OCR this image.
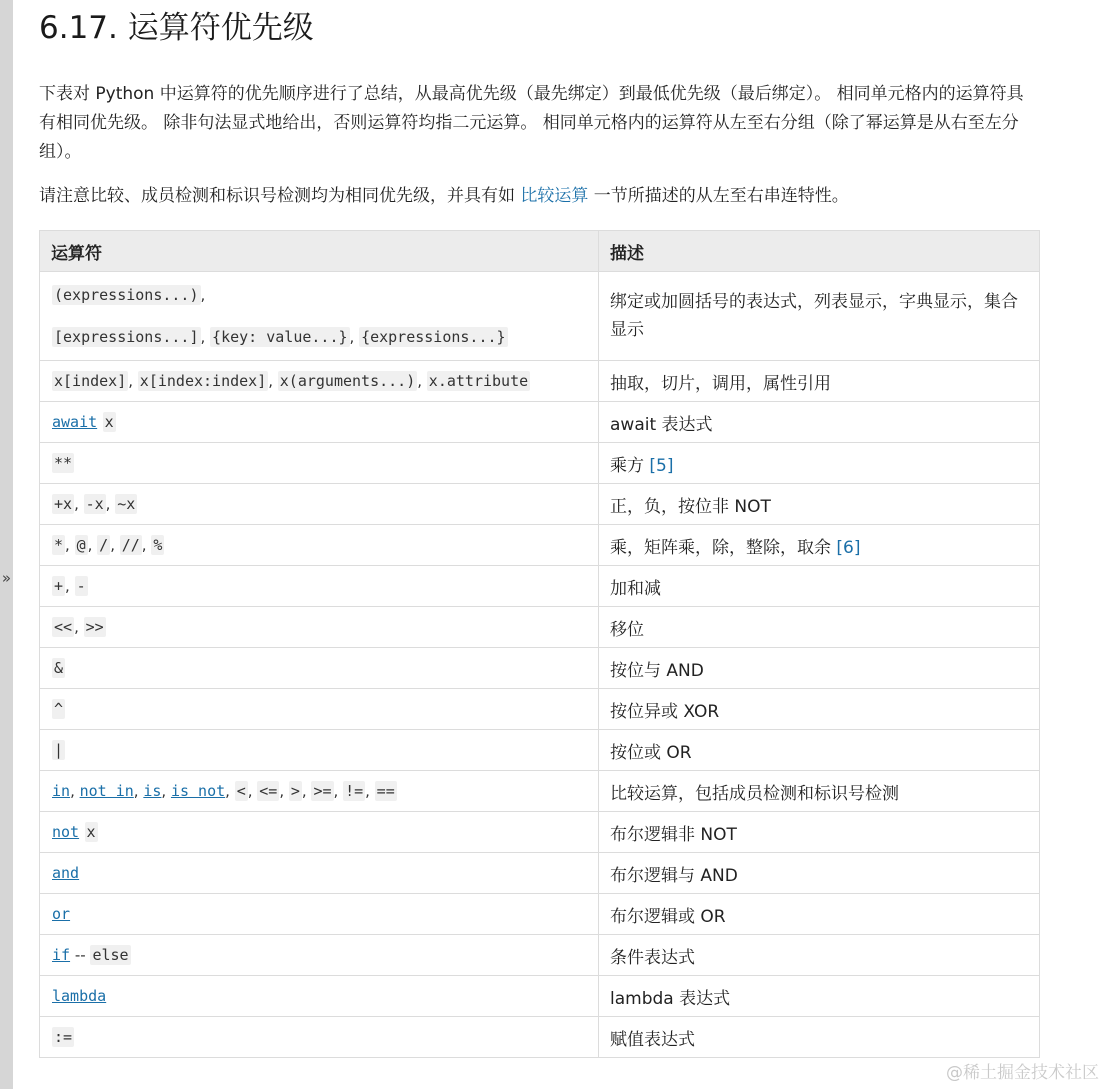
»
6.17. 运算符优先级

下表对 Python 中运算符的优先顺序进行了总结，从最高优先级（最先绑定）到最低优先级（最后绑定）。 相同单元格内的运算符具有相同优先级。 除非句法显式地给出，否则运算符均指二元运算。 相同单元格内的运算符从左至右分组（除了幂运算是从右至左分组）。

请注意比较、成员检测和标识号检测均为相同优先级，并具有如 比较运算 一节所描述的从左至右串连特性。

运算符	描述
(expressions...) ,
[expressions...] , {key: value...} , {expressions...}	绑定或加圆括号的表达式，列表显示，字典显示，集合显示

x[index] , x[index:index] , x(arguments...) , x.attribute	抽取，切片，调用，属性引用
await x	await 表达式
**	乘方 [5]
+x , -x , ~x	正，负，按位非 NOT
* , @ , / , // , %	乘，矩阵乘，除，整除，取余 [6]
+ , -	加和减
<< , >>	移位
&	按位与 AND
^	按位异或 XOR
|	按位或 OR
in, not in, is, is not, < , <= , > , >= , != , ==	比较运算，包括成员检测和标识号检测
not x	布尔逻辑非 NOT
and	布尔逻辑与 AND
or	布尔逻辑或 OR
if -- else	条件表达式
lambda	lambda 表达式
:=	赋值表达式
@稀土掘金技术社区
